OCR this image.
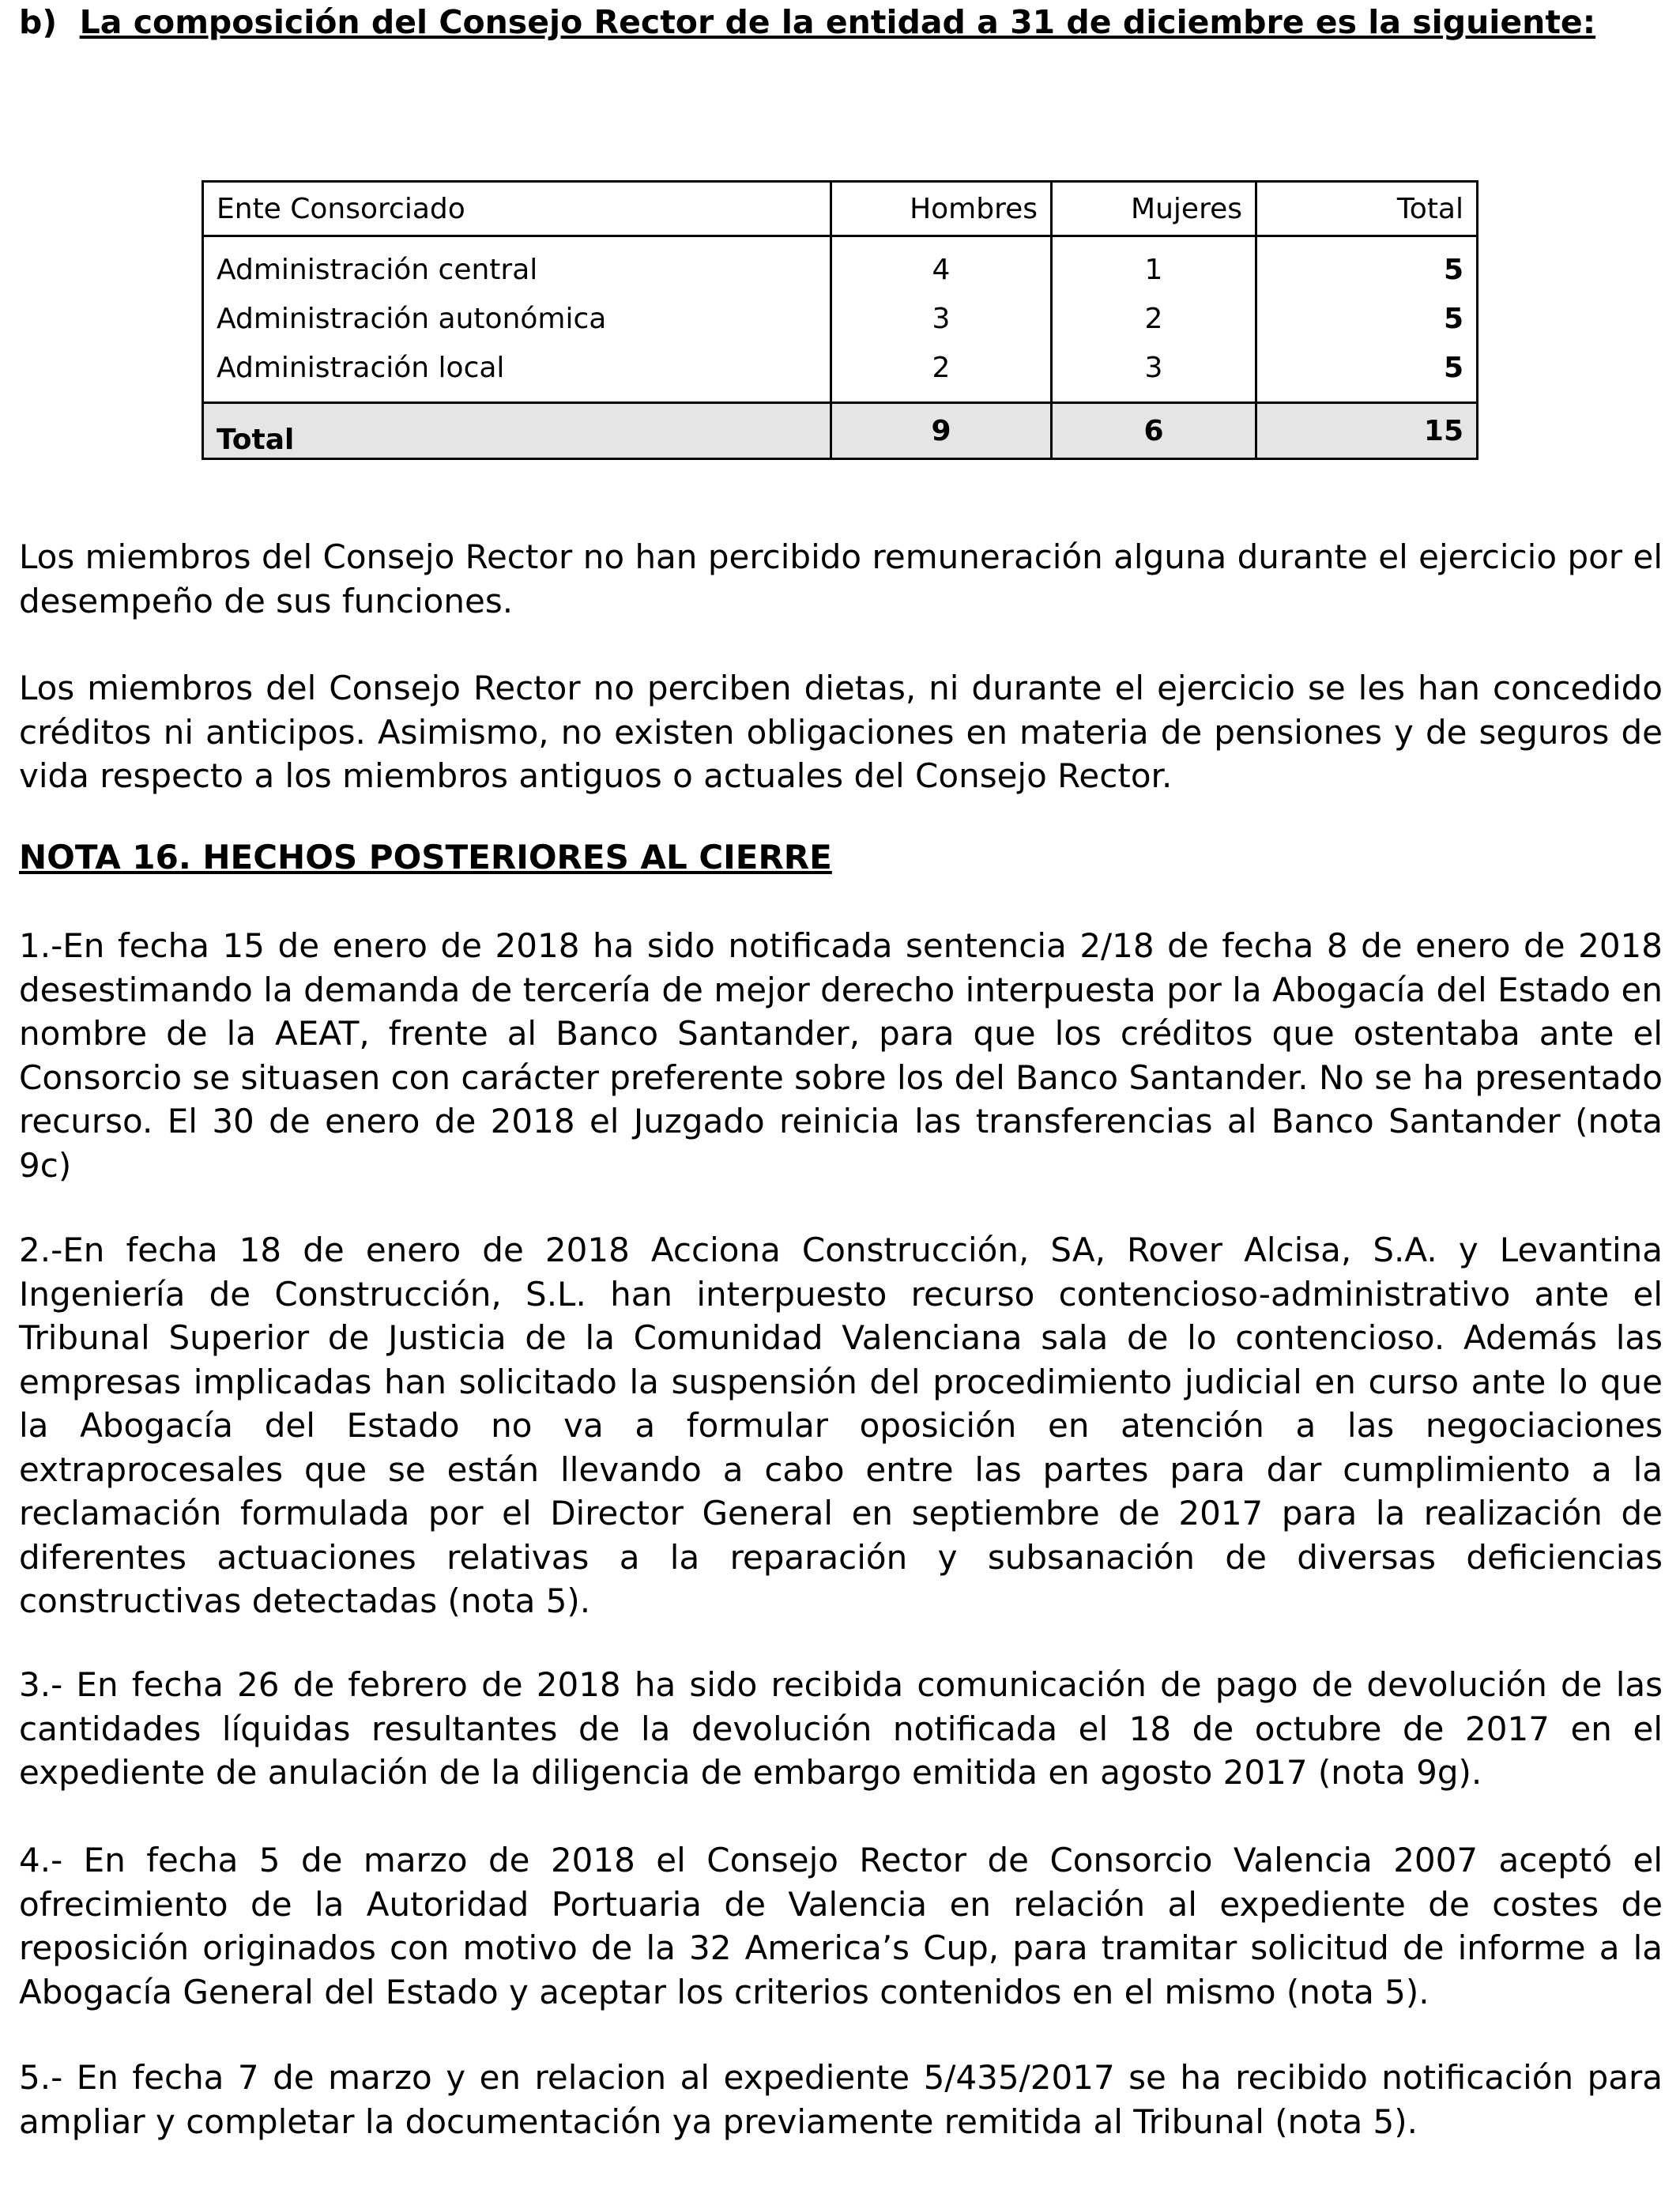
b) La composición del Consejo Rector de la entidad a 31 de diciembre es la siguiente:
Ente Consorciado	Hombres	Mujeres	Total
Administración central	4	1	5
Administración autonómica	3	2	5
Administración local	2	3	5
Total	9	6	15

Los miembros del Consejo Rector no han percibido remuneración alguna durante el ejercicio por el desempeño de sus funciones.

Los miembros del Consejo Rector no perciben dietas, ni durante el ejercicio se les han concedido créditos ni anticipos. Asimismo, no existen obligaciones en materia de pensiones y de seguros de vida respecto a los miembros antiguos o actuales del Consejo Rector.

NOTA 16. HECHOS POSTERIORES AL CIERRE

1.-En fecha 15 de enero de 2018 ha sido notificada sentencia 2/18 de fecha 8 de enero de 2018 desestimando la demanda de tercería de mejor derecho interpuesta por la Abogacía del Estado en nombre de la AEAT, frente al Banco Santander, para que los créditos que ostentaba ante el Consorcio se situasen con carácter preferente sobre los del Banco Santander. No se ha presentado recurso. El 30 de enero de 2018 el Juzgado reinicia las transferencias al Banco Santander (nota 9c)

2.-En fecha 18 de enero de 2018 Acciona Construcción, SA, Rover Alcisa, S.A. y Levantina Ingeniería de Construcción, S.L. han interpuesto recurso contencioso-administrativo ante el Tribunal Superior de Justicia de la Comunidad Valenciana sala de lo contencioso. Además las empresas implicadas han solicitado la suspensión del procedimiento judicial en curso ante lo que la Abogacía del Estado no va a formular oposición en atención a las negociaciones extraprocesales que se están llevando a cabo entre las partes para dar cumplimiento a la reclamación formulada por el Director General en septiembre de 2017 para la realización de diferentes actuaciones relativas a la reparación y subsanación de diversas deficiencias constructivas detectadas (nota 5).

3.- En fecha 26 de febrero de 2018 ha sido recibida comunicación de pago de devolución de las cantidades líquidas resultantes de la devolución notificada el 18 de octubre de 2017 en el expediente de anulación de la diligencia de embargo emitida en agosto 2017 (nota 9g).

4.- En fecha 5 de marzo de 2018 el Consejo Rector de Consorcio Valencia 2007 aceptó el ofrecimiento de la Autoridad Portuaria de Valencia en relación al expediente de costes de reposición originados con motivo de la 32 America’s Cup, para tramitar solicitud de informe a la Abogacía General del Estado y aceptar los criterios contenidos en el mismo (nota 5).

5.- En fecha 7 de marzo y en relacion al expediente 5/435/2017 se ha recibido notificación para ampliar y completar la documentación ya previamente remitida al Tribunal (nota 5).
